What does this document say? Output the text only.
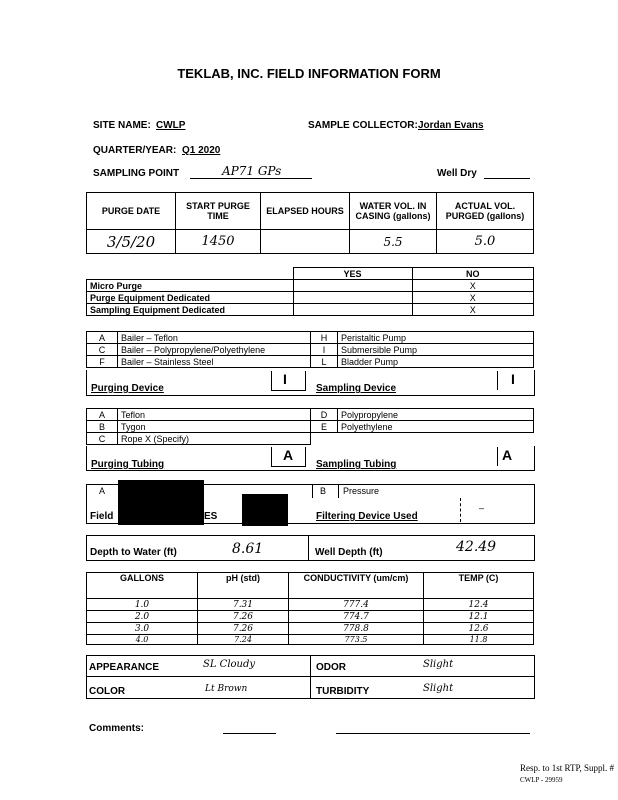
TEKLAB, INC. FIELD INFORMATION FORM
SITE NAME: CWLP	SAMPLE COLLECTOR: Jordan Evans
QUARTER/YEAR: Q1 2020
SAMPLING POINT	AP71 GPs	Well Dry
PURGE DATE	START PURGE TIME	ELAPSED HOURS	WATER VOL. IN CASING (gallons)	ACTUAL VOL. PURGED (gallons)
3/5/20	1450		5.5	5.0
	YES	NO
Micro Purge		X
Purge Equipment Dedicated		X
Sampling Equipment Dedicated		X
A	Bailer – Teflon	H	Peristaltic Pump
C	Bailer – Polypropylene/Polyethylene	I	Submersible Pump
F	Bailer – Stainless Steel	L	Bladder Pump
Purging Device
I
Sampling Device
I
A	Teflon	D	Polypropylene
B	Tygon	E	Polyethylene
C	Rope X (Specify)		
Purging Tubing
A
Sampling Tubing
A
A	B Pressure
Field	ES	Filtering Device Used
–
Depth to Water (ft)	8.61	Well Depth (ft)	42.49
GALLONS	pH (std)	CONDUCTIVITY (um/cm)	TEMP (C)
1.0	7.31	777.4	12.4
2.0	7.26	774.7	12.1
3.0	7.26	778.8	12.6
4.0	7.24	773.5	11.8
APPEARANCE	SL Cloudy	ODOR	Slight
COLOR	Lt Brown	TURBIDITY	Slight
Comments:
Resp. to 1st RTP, Suppl. #
CWLP - 29959
